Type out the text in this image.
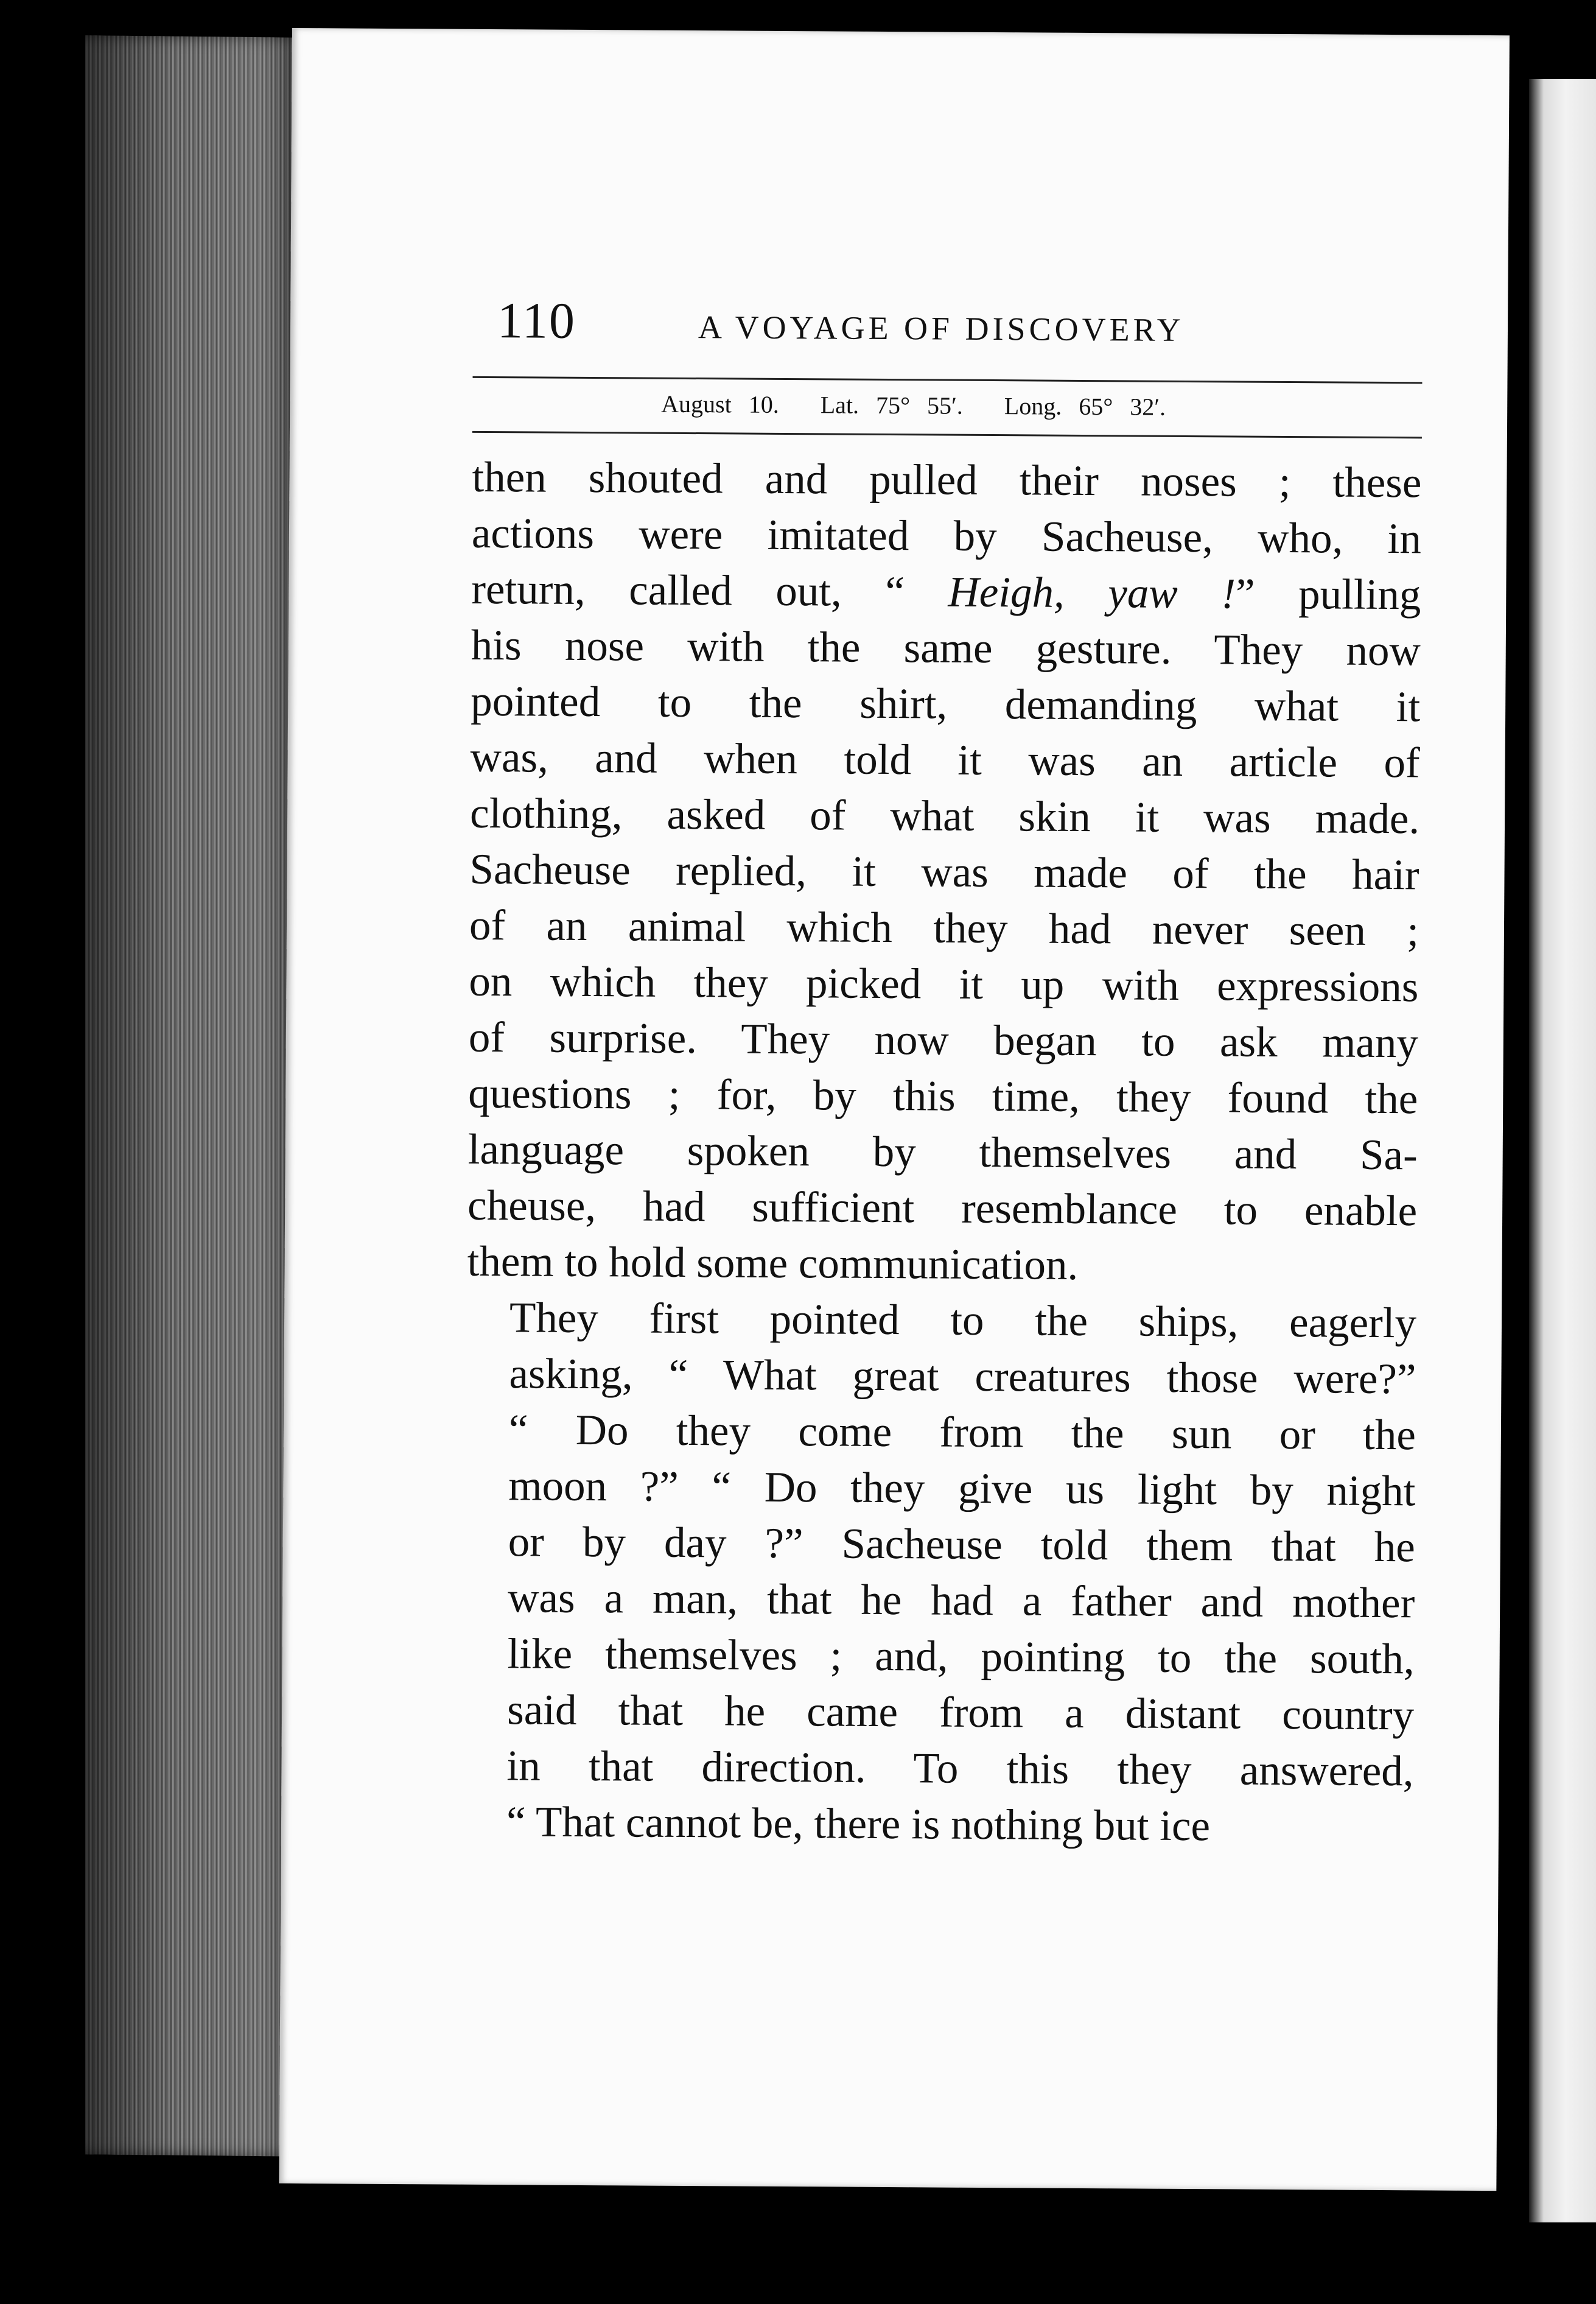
110	A VOYAGE OF DISCOVERY
August 10. Lat. 75° 55′. Long. 65° 32′.
then shouted and pulled their noses ; these
actions were imitated by Sacheuse, who, in
return, called out, “ Heigh, yaw !” pulling
his nose with the same gesture. They now
pointed to the shirt, demanding what it
was, and when told it was an article of
clothing, asked of what skin it was made.
Sacheuse replied, it was made of the hair
of an animal which they had never seen ;
on which they picked it up with expressions
of surprise. They now began to ask many
questions ; for, by this time, they found the
language spoken by themselves and Sa-
cheuse, had sufficient resemblance to enable
them to hold some communication.
They first pointed to the ships, eagerly
asking, “ What great creatures those were?”
“ Do they come from the sun or the
moon ?” “ Do they give us light by night
or by day ?” Sacheuse told them that he
was a man, that he had a father and mother
like themselves ; and, pointing to the south,
said that he came from a distant country
in that direction. To this they answered,
“ That cannot be, there is nothing but ice
